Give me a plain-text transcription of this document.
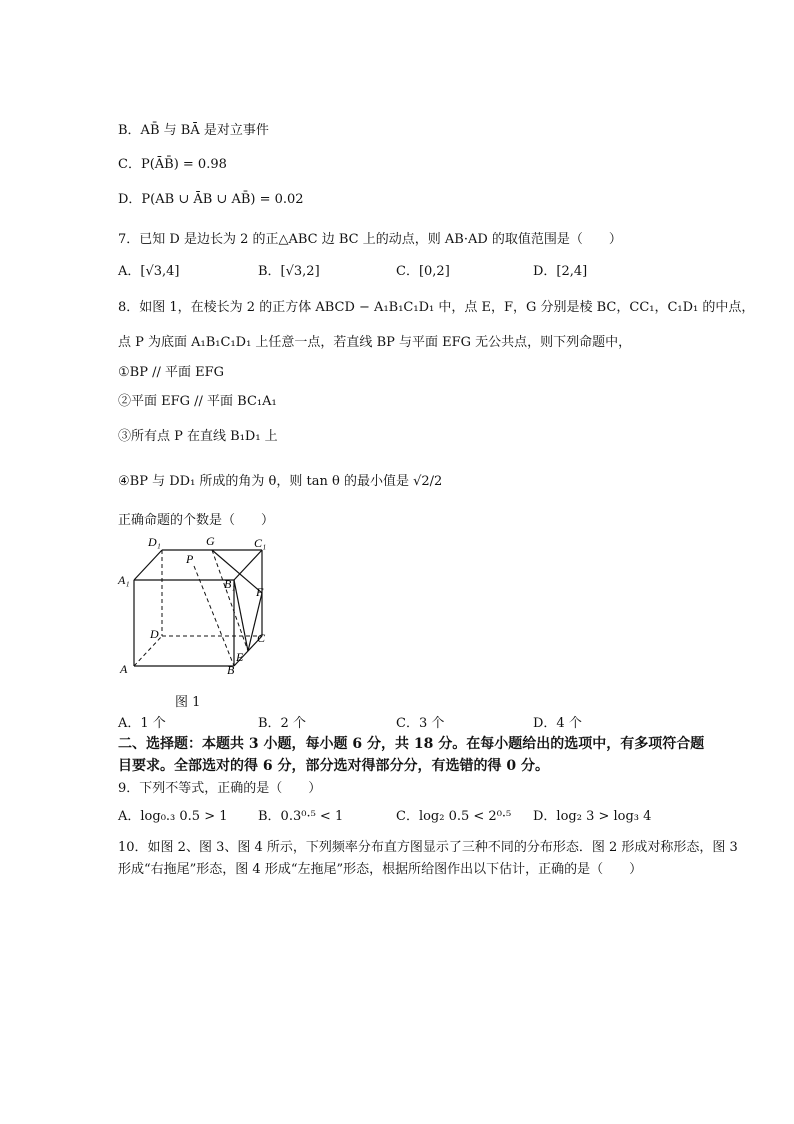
B．AB̄ 与 BĀ 是对立事件
C．P(ĀB̄) = 0.98
D．P(AB ∪ ĀB ∪ AB̄) = 0.02
7．已知 D 是边长为 2 的正△ABC 边 BC 上的动点，则 AB·AD 的取值范围是（　　）
A．[√3,4]	B．[√3,2]	C．[0,2]	D．[2,4]
8．如图 1，在棱长为 2 的正方体 ABCD − A₁B₁C₁D₁ 中，点 E，F，G 分别是棱 BC，CC₁，C₁D₁ 的中点，
点 P 为底面 A₁B₁C₁D₁ 上任意一点，若直线 BP 与平面 EFG 无公共点，则下列命题中，
①BP // 平面 EFG
②平面 EFG // 平面 BC₁A₁
③所有点 P 在直线 B₁D₁ 上
④BP 与 DD₁ 所成的角为 θ，则 tan θ 的最小值是 √2/2
正确命题的个数是（　　）
D₁	G	C₁
P
A₁	B₁
F
D	C
E
A	B
图 1
A．1 个	B．2 个	C．3 个	D．4 个
二、选择题：本题共 3 小题，每小题 6 分，共 18 分。在每小题给出的选项中，有多项符合题
目要求。全部选对的得 6 分，部分选对得部分分，有选错的得 0 分。
9．下列不等式，正确的是（　　）
A．log₀.₃ 0.5 > 1 B．0.3⁰·⁵ < 1	C．log₂ 0.5 < 2⁰·⁵ D．log₂ 3 > log₃ 4
10．如图 2、图 3、图 4 所示，下列频率分布直方图显示了三种不同的分布形态．图 2 形成对称形态，图 3
形成“右拖尾”形态，图 4 形成“左拖尾”形态，根据所给图作出以下估计，正确的是（　　）
